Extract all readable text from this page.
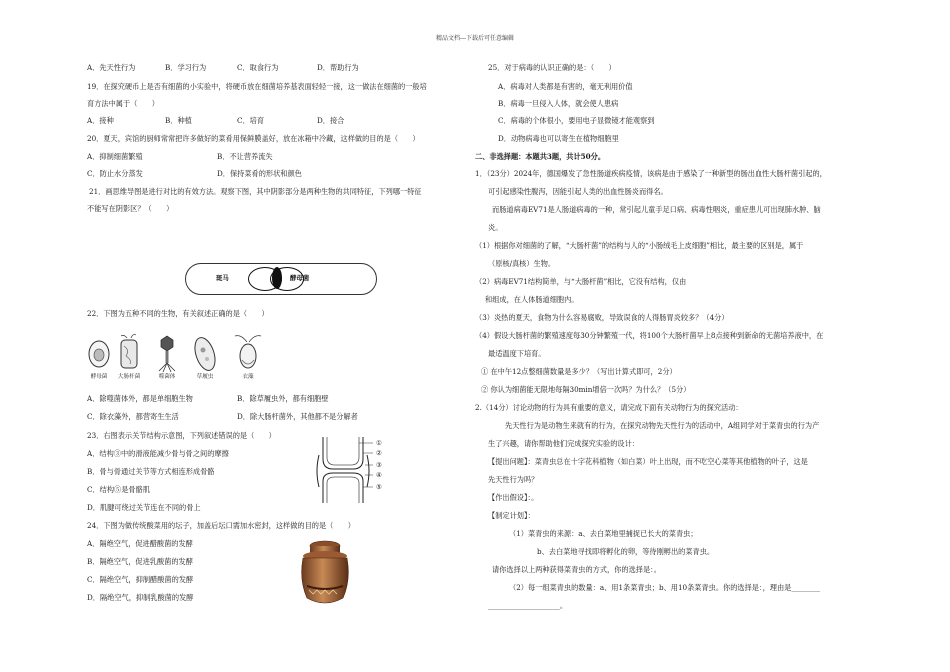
精品文档---下载后可任意编辑
A．先天性行为	B．学习行为	C．取食行为	D．帮助行为
19．在探究硬币上是否有细菌的小实验中，将硬币放在细菌培养基表面轻轻一接，这一做法在细菌的一般培
育方法中属于（　　）
A．接种	B．种植	C．培育	D．接合
20．夏天，宾馆的厨师常常把许多做好的菜肴用保鲜膜盖好，放在冰箱中冷藏，这样做的目的是（　　）
A．抑制细菌繁殖	B．不让营养流失
C．防止水分蒸发	D．保持菜肴的形状和颜色
21．画思维导图是进行对比的有效方法。观察下图，其中阴影部分是两种生物的共同特征，下列哪一特征
不能写在阴影区？（　　）
22．下图为五种不同的生物，有关叙述正确的是（　　）
A．除噬菌体外，都是单细胞生物	B．除草履虫外，都有细胞壁
C．除衣藻外，都营寄生生活	D．除大肠杆菌外，其他都不是分解者
23．右图表示关节结构示意图，下列叙述错误的是（　　）
A．结构③中的滑液能减少骨与骨之间的摩擦
B．骨与骨通过关节等方式相连形成骨骼
C．结构⑤是骨骼肌
D．肌腱可绕过关节连在不同的骨上
24．下图为做传统酸菜用的坛子，加盖后坛口需加水密封，这样做的目的是（　　）
A．隔绝空气，促进醋酸菌的发酵
B．隔绝空气，促进乳酸菌的发酵
C．隔绝空气，抑制醋酸菌的发酵
D．隔绝空气，抑制乳酸菌的发酵
斑马	酵母菌
酵母菌	大肠杆菌	噬菌体	草履虫	衣藻
①
②
③
④
⑤
25．对于病毒的认识正确的是：（　　）
A．病毒对人类都是有害的，毫无利用价值
B．病毒一旦侵入人体，就会使人患病
C．病毒的个体很小，要用电子显微镜才能观察到
D．动物病毒也可以寄生在植物细胞里
二、非选择题：本题共3题，共计50分。
1．（23分）2024年，德国爆发了急性肠道疾病疫情，该病是由于感染了一种新型的肠出血性大肠杆菌引起的，
可引起感染性腹泻，因能引起人类的出血性肠炎而得名。
而肠道病毒EV71是人肠道病毒的一种，常引起儿童手足口病、病毒性咽炎，重症患儿可出现肺水肿、脑
炎。
（1）根据你对细菌的了解，“大肠杆菌”的结构与人的“小肠绒毛上皮细胞”相比，最主要的区别是，属于
（原核/真核）生物。
（2）病毒EV71结构简单，与“大肠杆菌”相比，它没有结构，仅由
和组成，在人体肠道细胞内。
（3）炎热的夏天，食物为什么容易腐败，导致误食的人得肠胃炎较多？（4分）
（4）假设大肠杆菌的繁殖速度每30分钟繁殖一代，将100个大肠杆菌早上8点接种到新命的无菌培养液中，在
最适温度下培育。
① 在中午12点整细菌数量是多少？（写出计算式即可，2分）
② 你认为细菌能无限地每隔30min增倍一次吗？为什么？（5分）
2.（14分）讨论动物的行为具有重要的意义，请完成下面有关动物行为的探究活动：
先天性行为是动物生来就有的行为，在探究动物先天性行为的活动中，A组同学对于菜青虫的行为产
生了兴趣，请你帮助他们完成探究实验的设计：
【提出问题】：菜青虫总在十字花科植物（如白菜）叶上出现，而不吃空心菜等其他植物的叶子，这是
先天性行为吗？
【作出假设】：。
【制定计划】：
（1）菜青虫的来源：a、去白菜地里捕捉已长大的菜青虫；
b、去白菜地寻找即将孵化的卵，等待刚孵出的菜青虫。
请你选择以上两种获得菜青虫的方式，你的选择是：。
（2）每一组菜青虫的数量：a、用1条菜青虫；b、用10条菜青虫。你的选择是：，理由是________
____________________。
